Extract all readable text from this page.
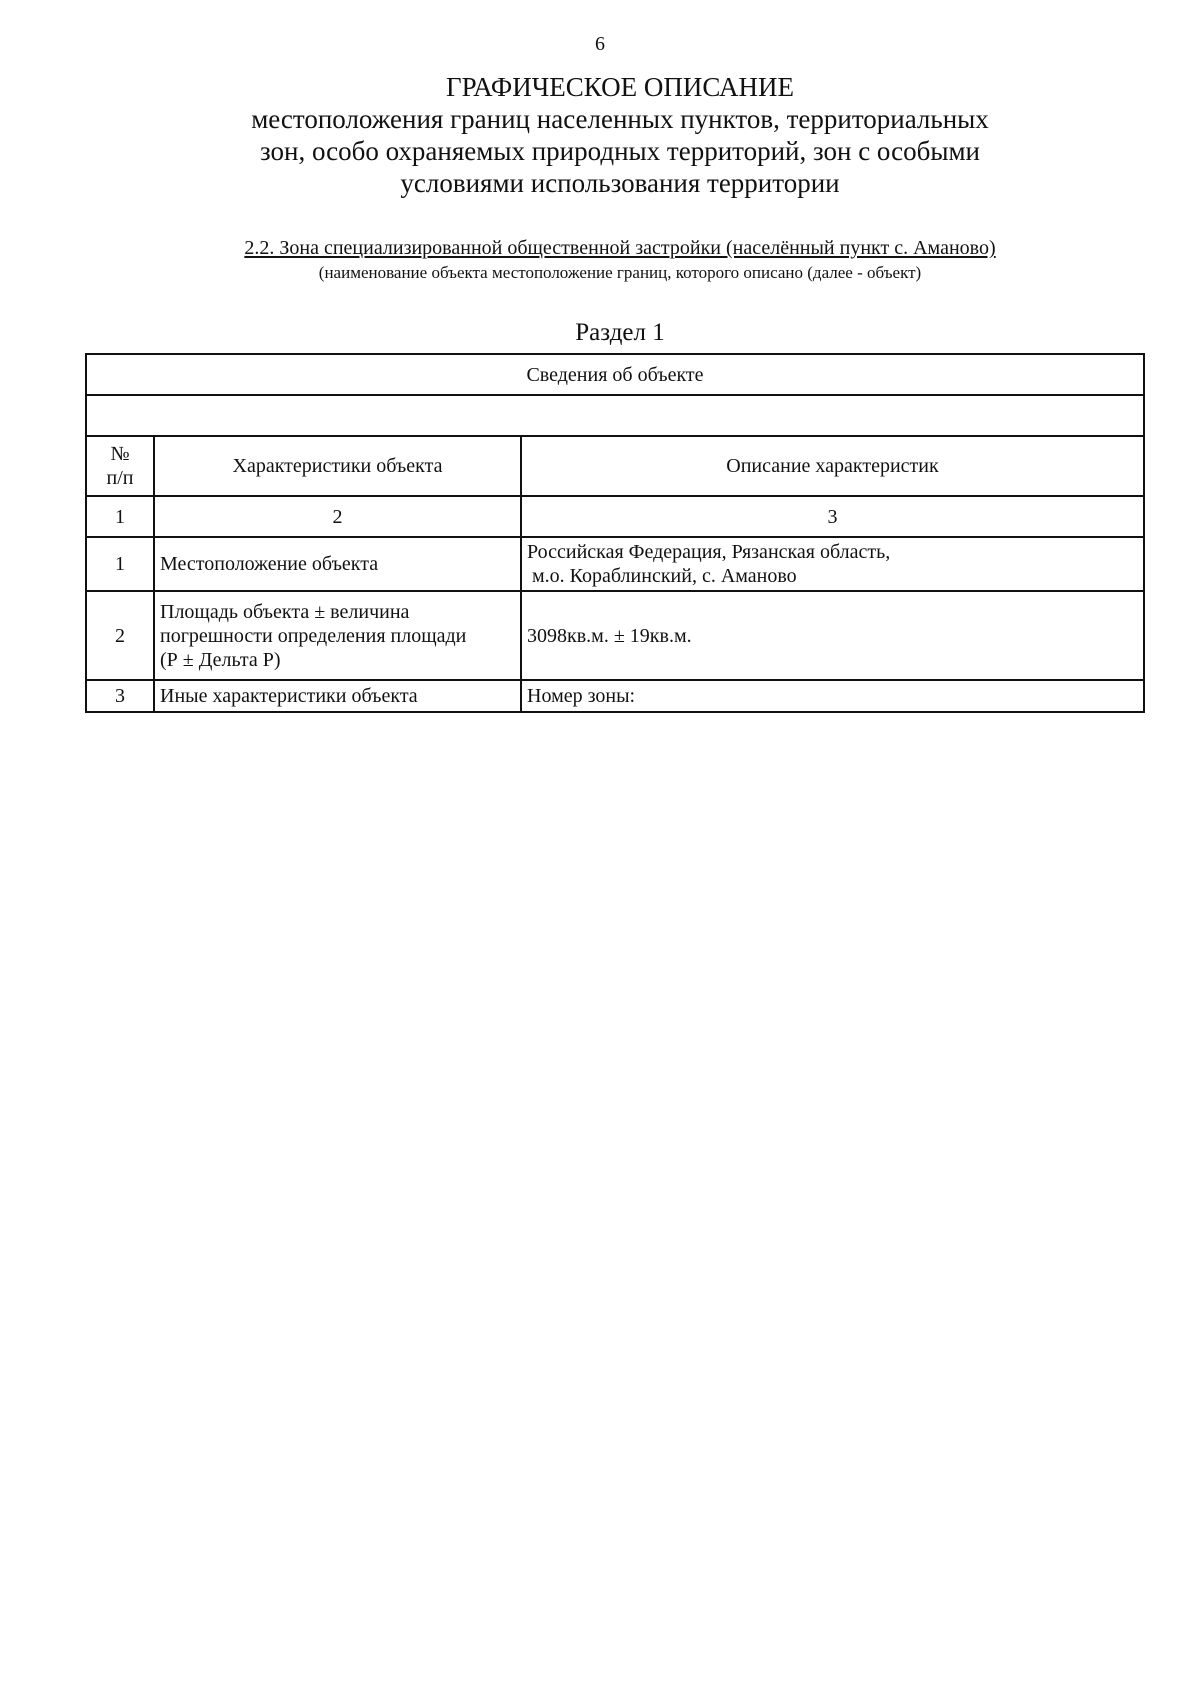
6
ГРАФИЧЕСКОЕ ОПИСАНИЕ
местоположения границ населенных пунктов, территориальных
зон, особо охраняемых природных территорий, зон с особыми
условиями использования территории
2.2. Зона специализированной общественной застройки (населённый пункт с. Аманово)
(наименование объекта местоположение границ, которого описано (далее - объект)
Раздел 1
Сведения об объекте		

№
п/п	Характеристики объекта	Описание характеристик
1	2	3
1	Местоположение объекта	Российская Федерация, Рязанская область,
м.о. Кораблинский, с. Аманово

2	Площадь объекта ± величина
погрешности определения площади
(Р ± Дельта Р)	3098кв.м. ± 19кв.м.
3	Иные характеристики объекта	Номер зоны:
